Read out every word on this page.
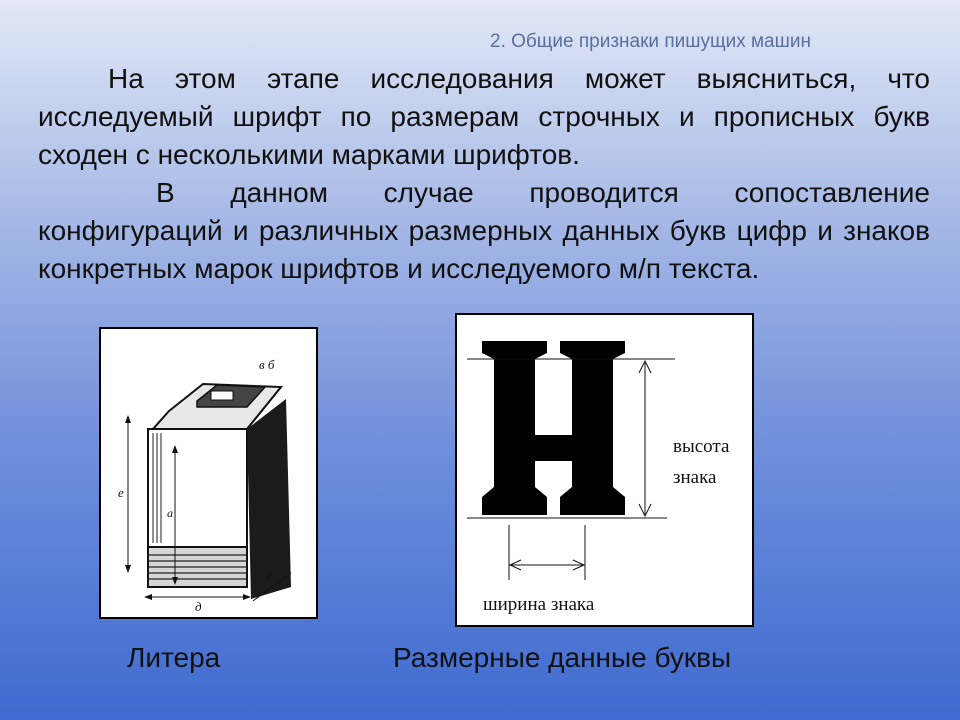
2. Общие признаки пишущих машин

На этом этапе исследования может выясниться, что исследуемый шрифт по размерам строчных и прописных букв сходен с несколькими марками шрифтов.

В данном случае проводится сопоставление конфигураций и различных размерных данных букв цифр и знаков конкретных марок шрифтов и исследуемого м/п текста.

в б
е
а
д
г
высота
знака
ширина знака
Литера	Размерные данные буквы
